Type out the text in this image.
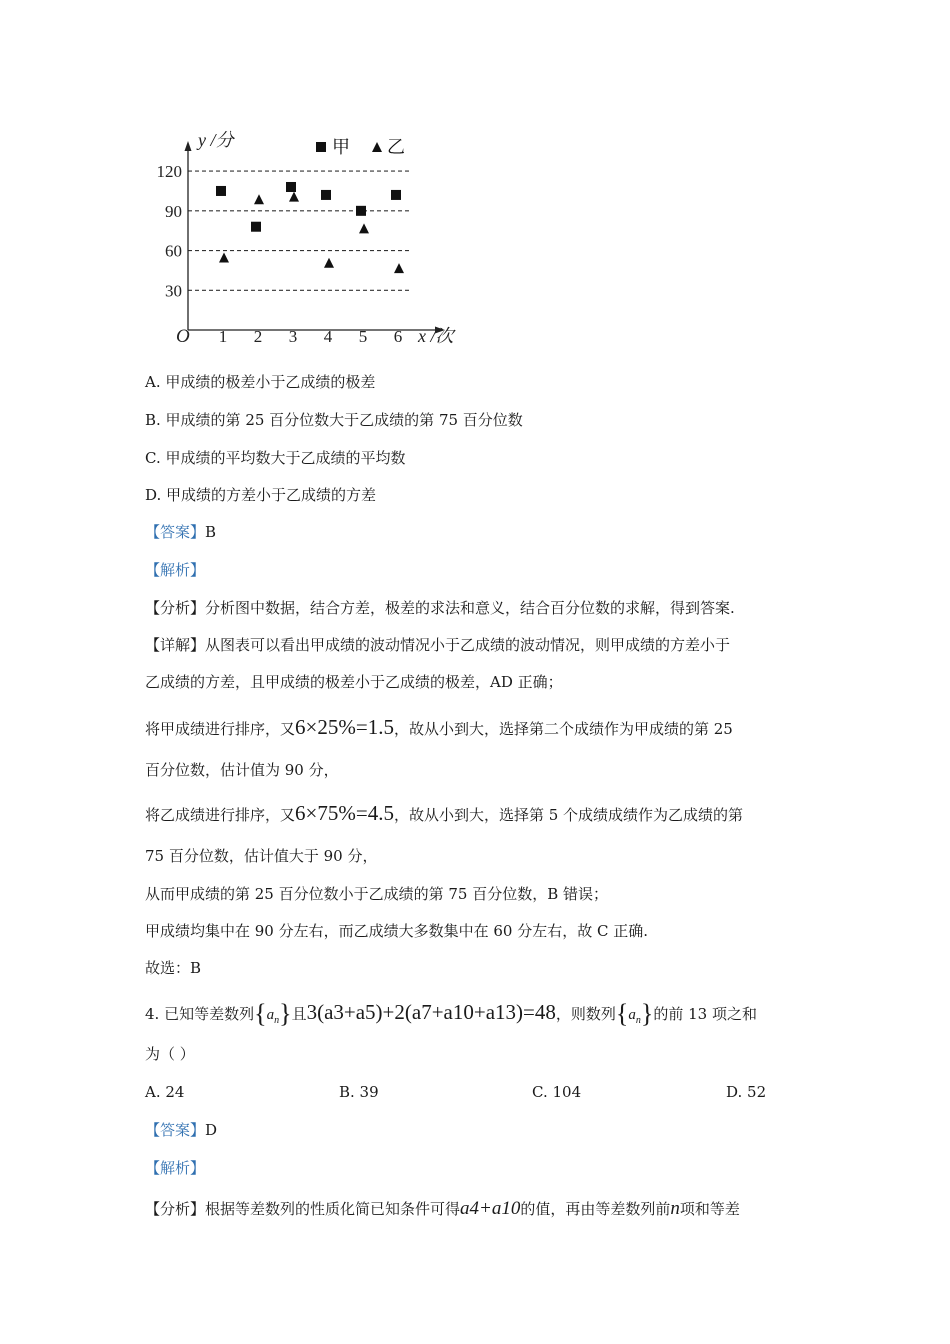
30
60
90
120
1 2 3 4 5 6
O
y /分
x /次
甲 乙
A. 甲成绩的极差小于乙成绩的极差
B. 甲成绩的第 25 百分位数大于乙成绩的第 75 百分位数
C. 甲成绩的平均数大于乙成绩的平均数
D. 甲成绩的方差小于乙成绩的方差
【答案】B
【解析】
【分析】分析图中数据，结合方差，极差的求法和意义，结合百分位数的求解，得到答案.
【详解】从图表可以看出甲成绩的波动情况小于乙成绩的波动情况，则甲成绩的方差小于
乙成绩的方差，且甲成绩的极差小于乙成绩的极差，AD 正确；
将甲成绩进行排序，又6×25%=1.5，故从小到大，选择第二个成绩作为甲成绩的第 25
百分位数，估计值为 90 分，
将乙成绩进行排序，又6×75%=4.5，故从小到大，选择第 5 个成绩成绩作为乙成绩的第
75 百分位数，估计值大于 90 分，
从而甲成绩的第 25 百分位数小于乙成绩的第 75 百分位数，B 错误；
甲成绩均集中在 90 分左右，而乙成绩大多数集中在 60 分左右，故 C 正确.
故选：B
4. 已知等差数列$\{a_n\}$且3(a3+a5)+2(a7+a10+a13)=48，则数列$\{a_n\}$的前 13 项之和
为（ ）
A. 24	B. 39	C. 104	D. 52
【答案】D
【解析】
【分析】根据等差数列的性质化简已知条件可得a4+a10的值，再由等差数列前n项和等差
